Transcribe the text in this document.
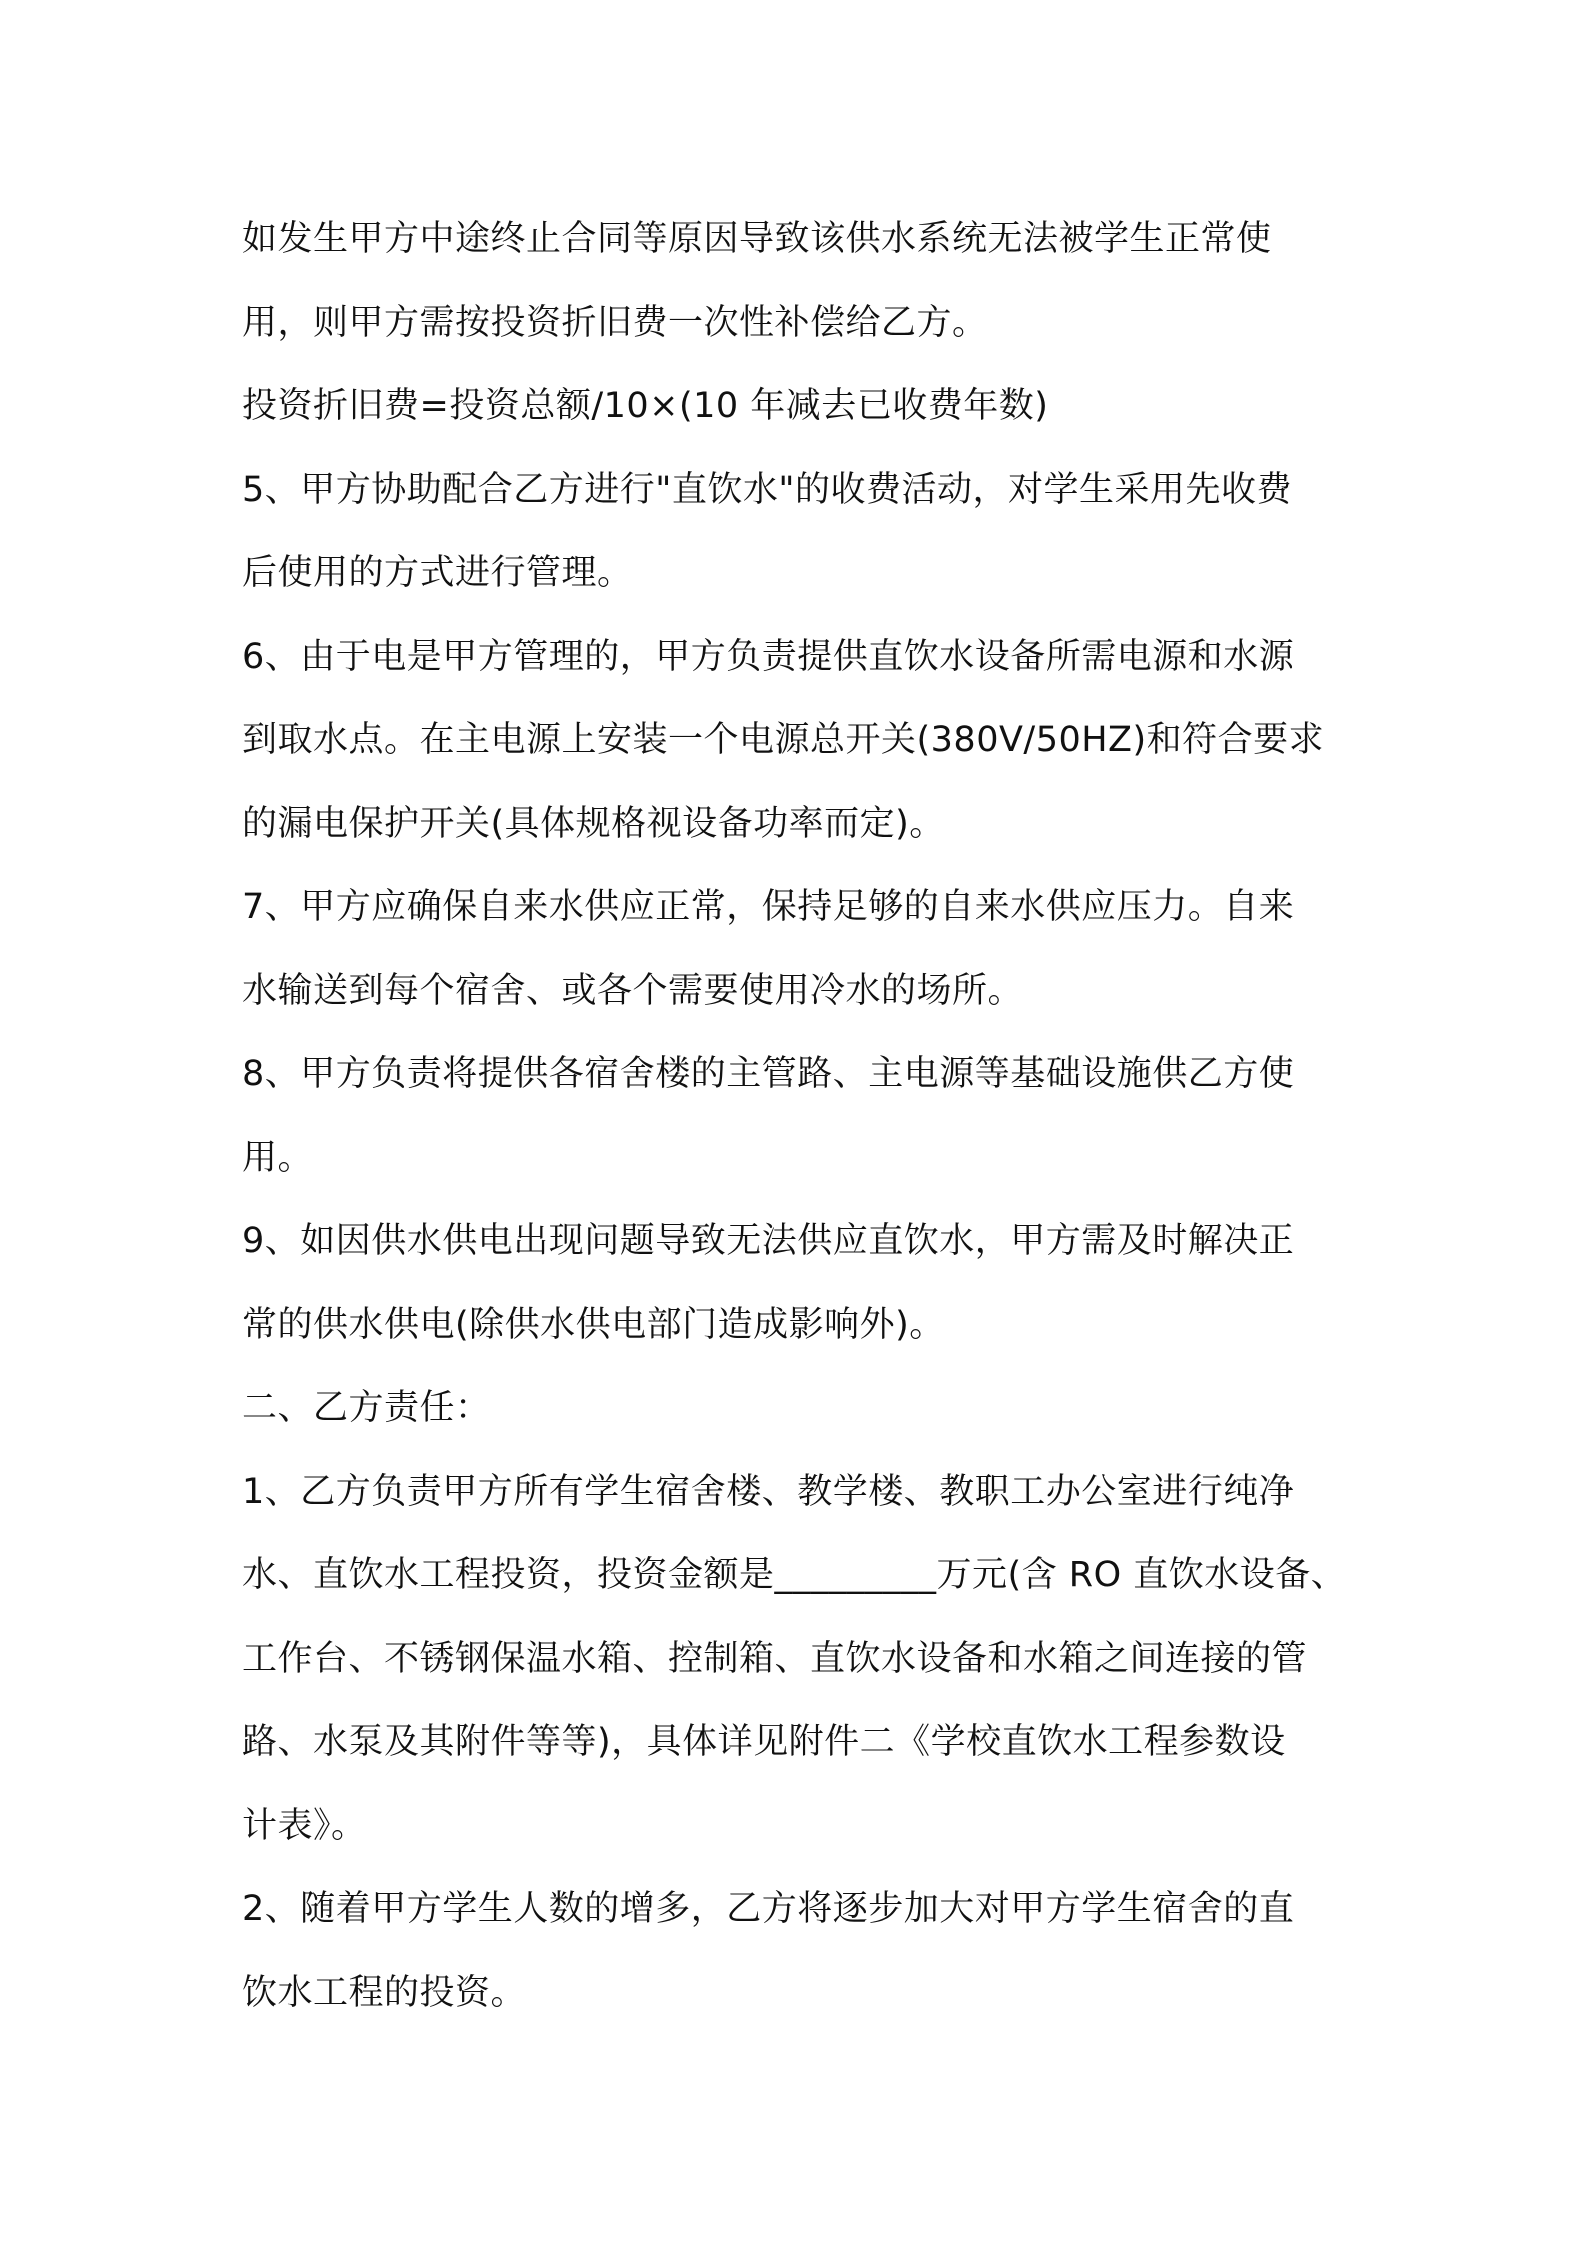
如发生甲方中途终止合同等原因导致该供水系统无法被学生正常使
用，则甲方需按投资折旧费一次性补偿给乙方。
投资折旧费=投资总额/10×(10 年减去已收费年数)
5、甲方协助配合乙方进行"直饮水"的收费活动，对学生采用先收费
后使用的方式进行管理。
6、由于电是甲方管理的，甲方负责提供直饮水设备所需电源和水源
到取水点。在主电源上安装一个电源总开关(380V/50HZ)和符合要求
的漏电保护开关(具体规格视设备功率而定)。
7、甲方应确保自来水供应正常，保持足够的自来水供应压力。自来
水输送到每个宿舍、或各个需要使用冷水的场所。
8、甲方负责将提供各宿舍楼的主管路、主电源等基础设施供乙方使
用。
9、如因供水供电出现问题导致无法供应直饮水，甲方需及时解决正
常的供水供电(除供水供电部门造成影响外)。
二、乙方责任：
1、乙方负责甲方所有学生宿舍楼、教学楼、教职工办公室进行纯净
水、直饮水工程投资，投资金额是_________万元(含 RO 直饮水设备、
工作台、不锈钢保温水箱、控制箱、直饮水设备和水箱之间连接的管
路、水泵及其附件等等)，具体详见附件二《学校直饮水工程参数设
计表》。
2、随着甲方学生人数的增多，乙方将逐步加大对甲方学生宿舍的直
饮水工程的投资。
